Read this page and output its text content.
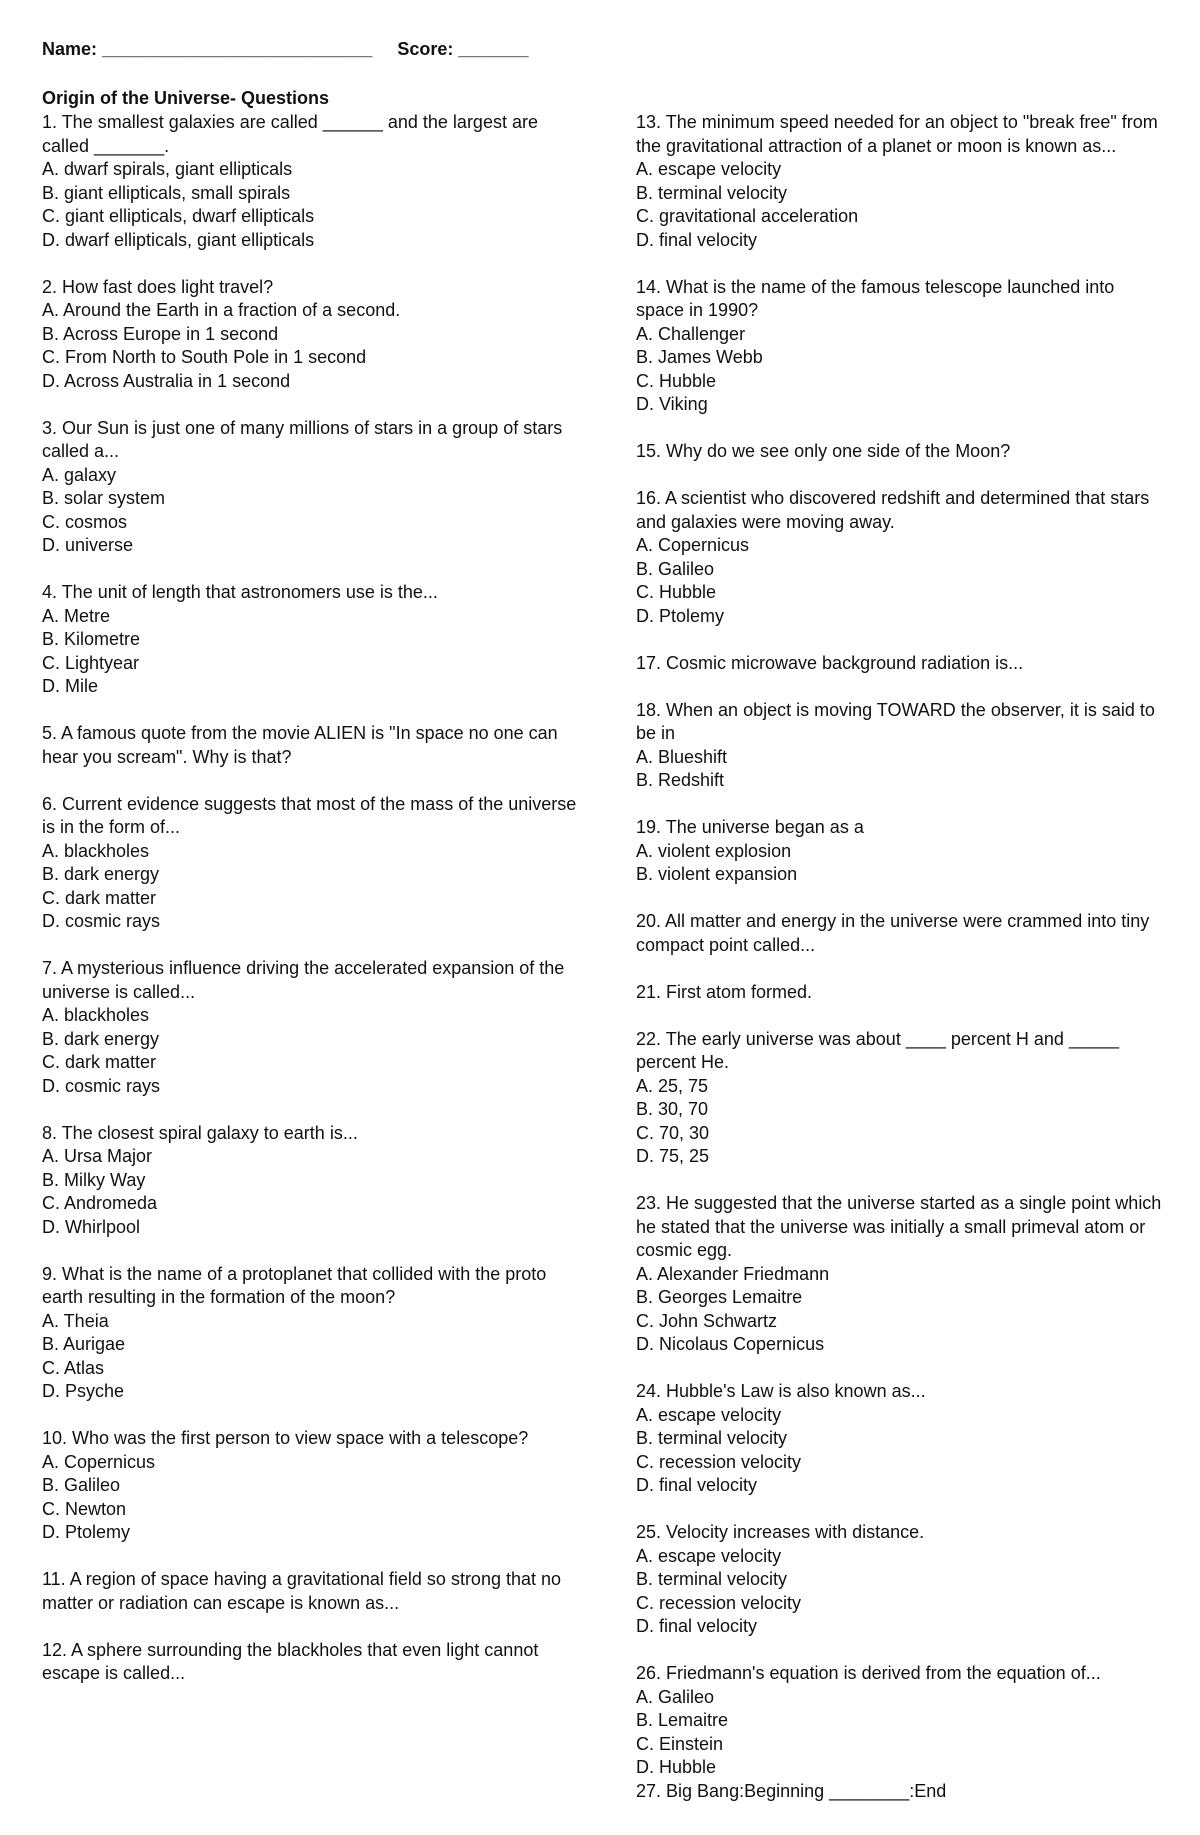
Name: ___________________________ Score: _______
Origin of the Universe- Questions
1. The smallest galaxies are called ______ and the largest are called _______.
A. dwarf spirals, giant ellipticals
B. giant ellipticals, small spirals
C. giant ellipticals, dwarf ellipticals
D. dwarf ellipticals, giant ellipticals
2. How fast does light travel?
A. Around the Earth in a fraction of a second.
B. Across Europe in 1 second
C. From North to South Pole in 1 second
D. Across Australia in 1 second
3. Our Sun is just one of many millions of stars in a group of stars called a...
A. galaxy
B. solar system
C. cosmos
D. universe
4. The unit of length that astronomers use is the...
A. Metre
B. Kilometre
C. Lightyear
D. Mile
5. A famous quote from the movie ALIEN is "In space no one can hear you scream". Why is that?
6. Current evidence suggests that most of the mass of the universe is in the form of...
A. blackholes
B. dark energy
C. dark matter
D. cosmic rays
7. A mysterious influence driving the accelerated expansion of the universe is called...
A. blackholes
B. dark energy
C. dark matter
D. cosmic rays
8. The closest spiral galaxy to earth is...
A. Ursa Major
B. Milky Way
C. Andromeda
D. Whirlpool
9. What is the name of a protoplanet that collided with the proto earth resulting in the formation of the moon?
A. Theia
B. Aurigae
C. Atlas
D. Psyche
10. Who was the first person to view space with a telescope?
A. Copernicus
B. Galileo
C. Newton
D. Ptolemy
11. A region of space having a gravitational field so strong that no matter or radiation can escape is known as...
12. A sphere surrounding the blackholes that even light cannot escape is called...
13. The minimum speed needed for an object to "break free" from the gravitational attraction of a planet or moon is known as...
A. escape velocity
B. terminal velocity
C. gravitational acceleration
D. final velocity
14. What is the name of the famous telescope launched into space in 1990?
A. Challenger
B. James Webb
C. Hubble
D. Viking
15. Why do we see only one side of the Moon?
16. A scientist who discovered redshift and determined that stars and galaxies were moving away.
A. Copernicus
B. Galileo
C. Hubble
D. Ptolemy
17. Cosmic microwave background radiation is...
18. When an object is moving TOWARD the observer, it is said to be in
A. Blueshift
B. Redshift
19. The universe began as a
A. violent explosion
B. violent expansion
20. All matter and energy in the universe were crammed into tiny compact point called...
21. First atom formed.
22. The early universe was about ____ percent H and _____ percent He.
A. 25, 75
B. 30, 70
C. 70, 30
D. 75, 25
23. He suggested that the universe started as a single point which he stated that the universe was initially a small primeval atom or cosmic egg.
A. Alexander Friedmann
B. Georges Lemaitre
C. John Schwartz
D. Nicolaus Copernicus
24. Hubble's Law is also known as...
A. escape velocity
B. terminal velocity
C. recession velocity
D. final velocity
25. Velocity increases with distance.
A. escape velocity
B. terminal velocity
C. recession velocity
D. final velocity
26. Friedmann's equation is derived from the equation of...
A. Galileo
B. Lemaitre
C. Einstein
D. Hubble
27. Big Bang:Beginning ________:End
